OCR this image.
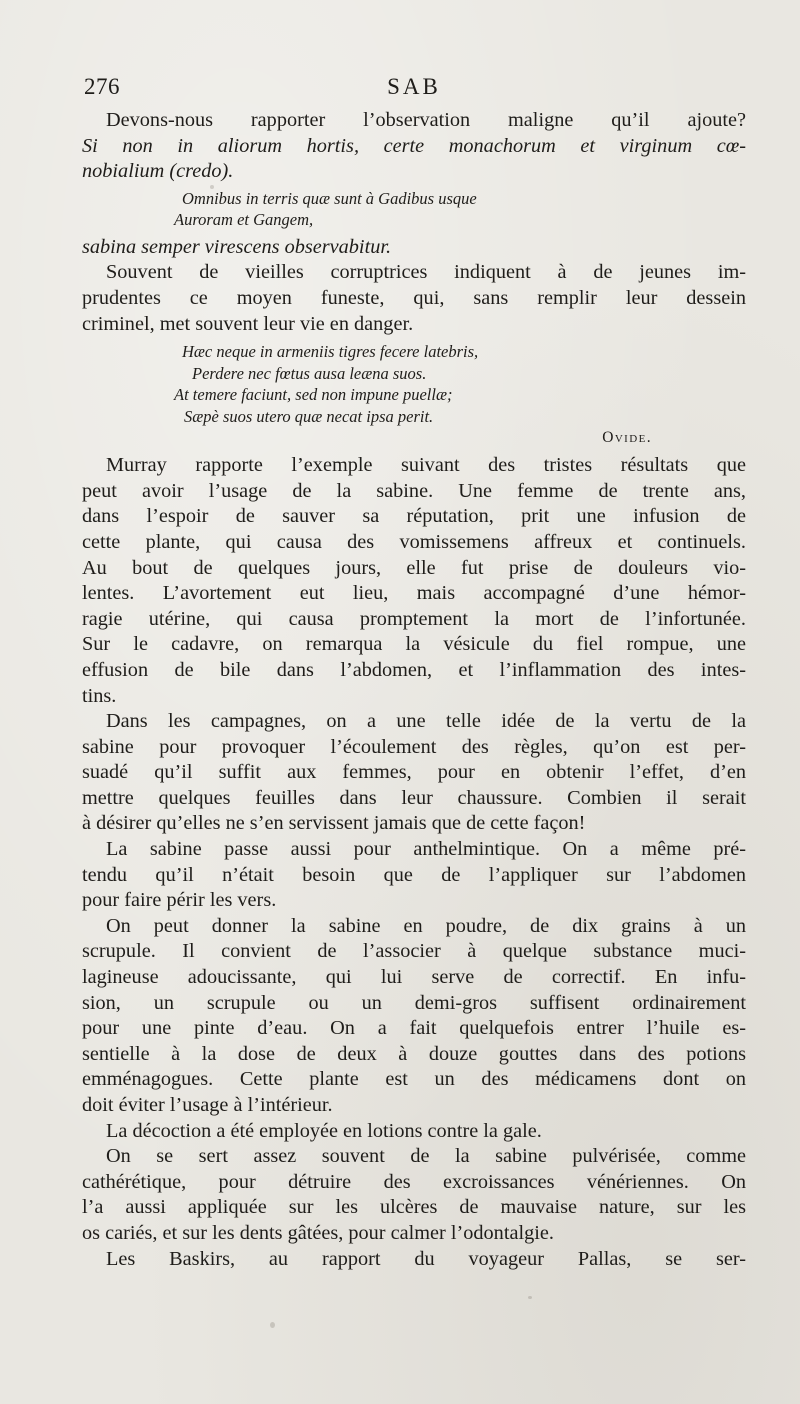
276	SAB
Devons-nous rapporter l’observation maligne qu’il ajoute?
Si non in aliorum hortis, certe monachorum et virginum cœ-
nobialium (credo).
Omnibus in terris quæ sunt à Gadibus usque
Auroram et Gangem,
sabina semper virescens observabitur.
Souvent de vieilles corruptrices indiquent à de jeunes im-
prudentes ce moyen funeste, qui, sans remplir leur dessein
criminel, met souvent leur vie en danger.
Hæc neque in armeniis tigres fecere latebris,
Perdere nec fœtus ausa leæna suos.
At temere faciunt, sed non impune puellæ;
Sæpè suos utero quæ necat ipsa perit.
Ovide.
Murray rapporte l’exemple suivant des tristes résultats que
peut avoir l’usage de la sabine. Une femme de trente ans,
dans l’espoir de sauver sa réputation, prit une infusion de
cette plante, qui causa des vomissemens affreux et continuels.
Au bout de quelques jours, elle fut prise de douleurs vio-
lentes. L’avortement eut lieu, mais accompagné d’une hémor-
ragie utérine, qui causa promptement la mort de l’infortunée.
Sur le cadavre, on remarqua la vésicule du fiel rompue, une
effusion de bile dans l’abdomen, et l’inflammation des intes-
tins.
Dans les campagnes, on a une telle idée de la vertu de la
sabine pour provoquer l’écoulement des règles, qu’on est per-
suadé qu’il suffit aux femmes, pour en obtenir l’effet, d’en
mettre quelques feuilles dans leur chaussure. Combien il serait
à désirer qu’elles ne s’en servissent jamais que de cette façon!
La sabine passe aussi pour anthelmintique. On a même pré-
tendu qu’il n’était besoin que de l’appliquer sur l’abdomen
pour faire périr les vers.
On peut donner la sabine en poudre, de dix grains à un
scrupule. Il convient de l’associer à quelque substance muci-
lagineuse adoucissante, qui lui serve de correctif. En infu-
sion, un scrupule ou un demi-gros suffisent ordinairement
pour une pinte d’eau. On a fait quelquefois entrer l’huile es-
sentielle à la dose de deux à douze gouttes dans des potions
emménagogues. Cette plante est un des médicamens dont on
doit éviter l’usage à l’intérieur.
La décoction a été employée en lotions contre la gale.
On se sert assez souvent de la sabine pulvérisée, comme
cathérétique, pour détruire des excroissances vénériennes. On
l’a aussi appliquée sur les ulcères de mauvaise nature, sur les
os cariés, et sur les dents gâtées, pour calmer l’odontalgie.
Les Baskirs, au rapport du voyageur Pallas, se ser-
